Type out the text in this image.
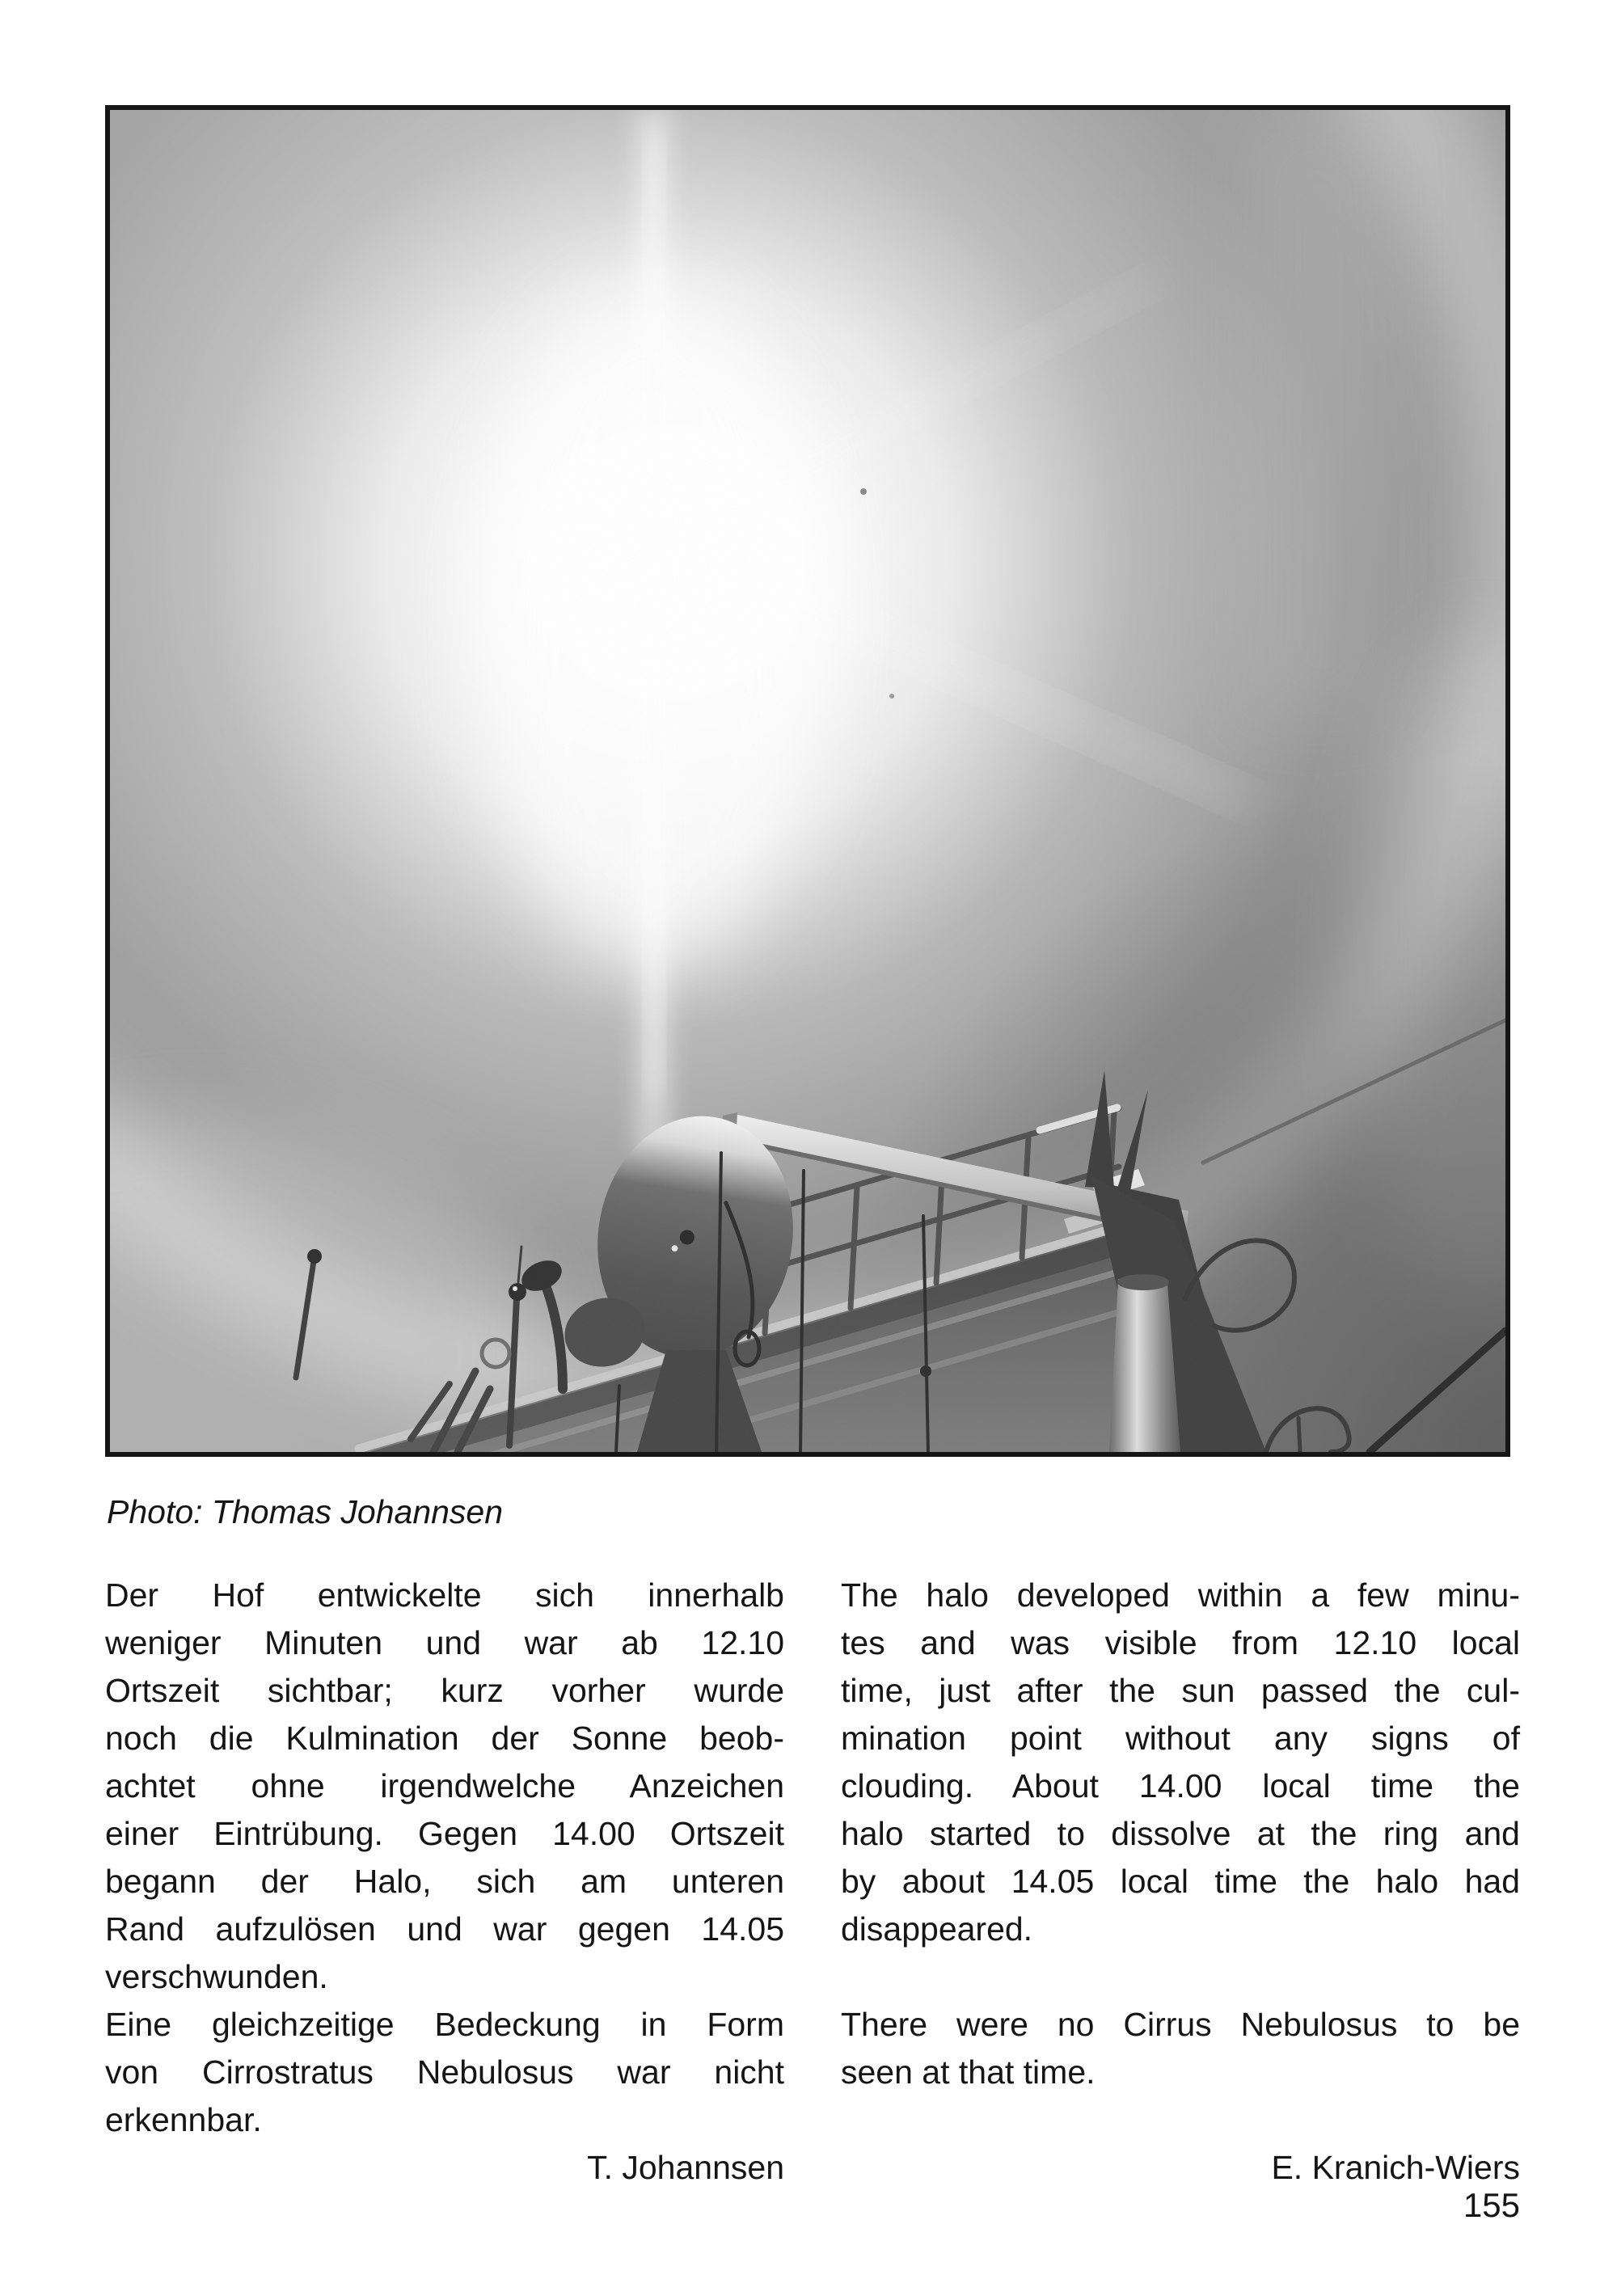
Photo: Thomas Johannsen
Der Hof entwickelte sich innerhalb
weniger Minuten und war ab 12.10
Ortszeit sichtbar; kurz vorher wurde
noch die Kulmination der Sonne beob-
achtet ohne irgendwelche Anzeichen
einer Eintrübung. Gegen 14.00 Ortszeit
begann der Halo, sich am unteren
Rand aufzulösen und war gegen 14.05
verschwunden.
Eine gleichzeitige Bedeckung in Form
von Cirrostratus Nebulosus war nicht
erkennbar.
T. Johannsen
The halo developed within a few minu-
tes and was visible from 12.10 local
time, just after the sun passed the cul-
mination point without any signs of
clouding. About 14.00 local time the
halo started to dissolve at the ring and
by about 14.05 local time the halo had
disappeared.
There were no Cirrus Nebulosus to be
seen at that time.
E. Kranich-Wiers
155
